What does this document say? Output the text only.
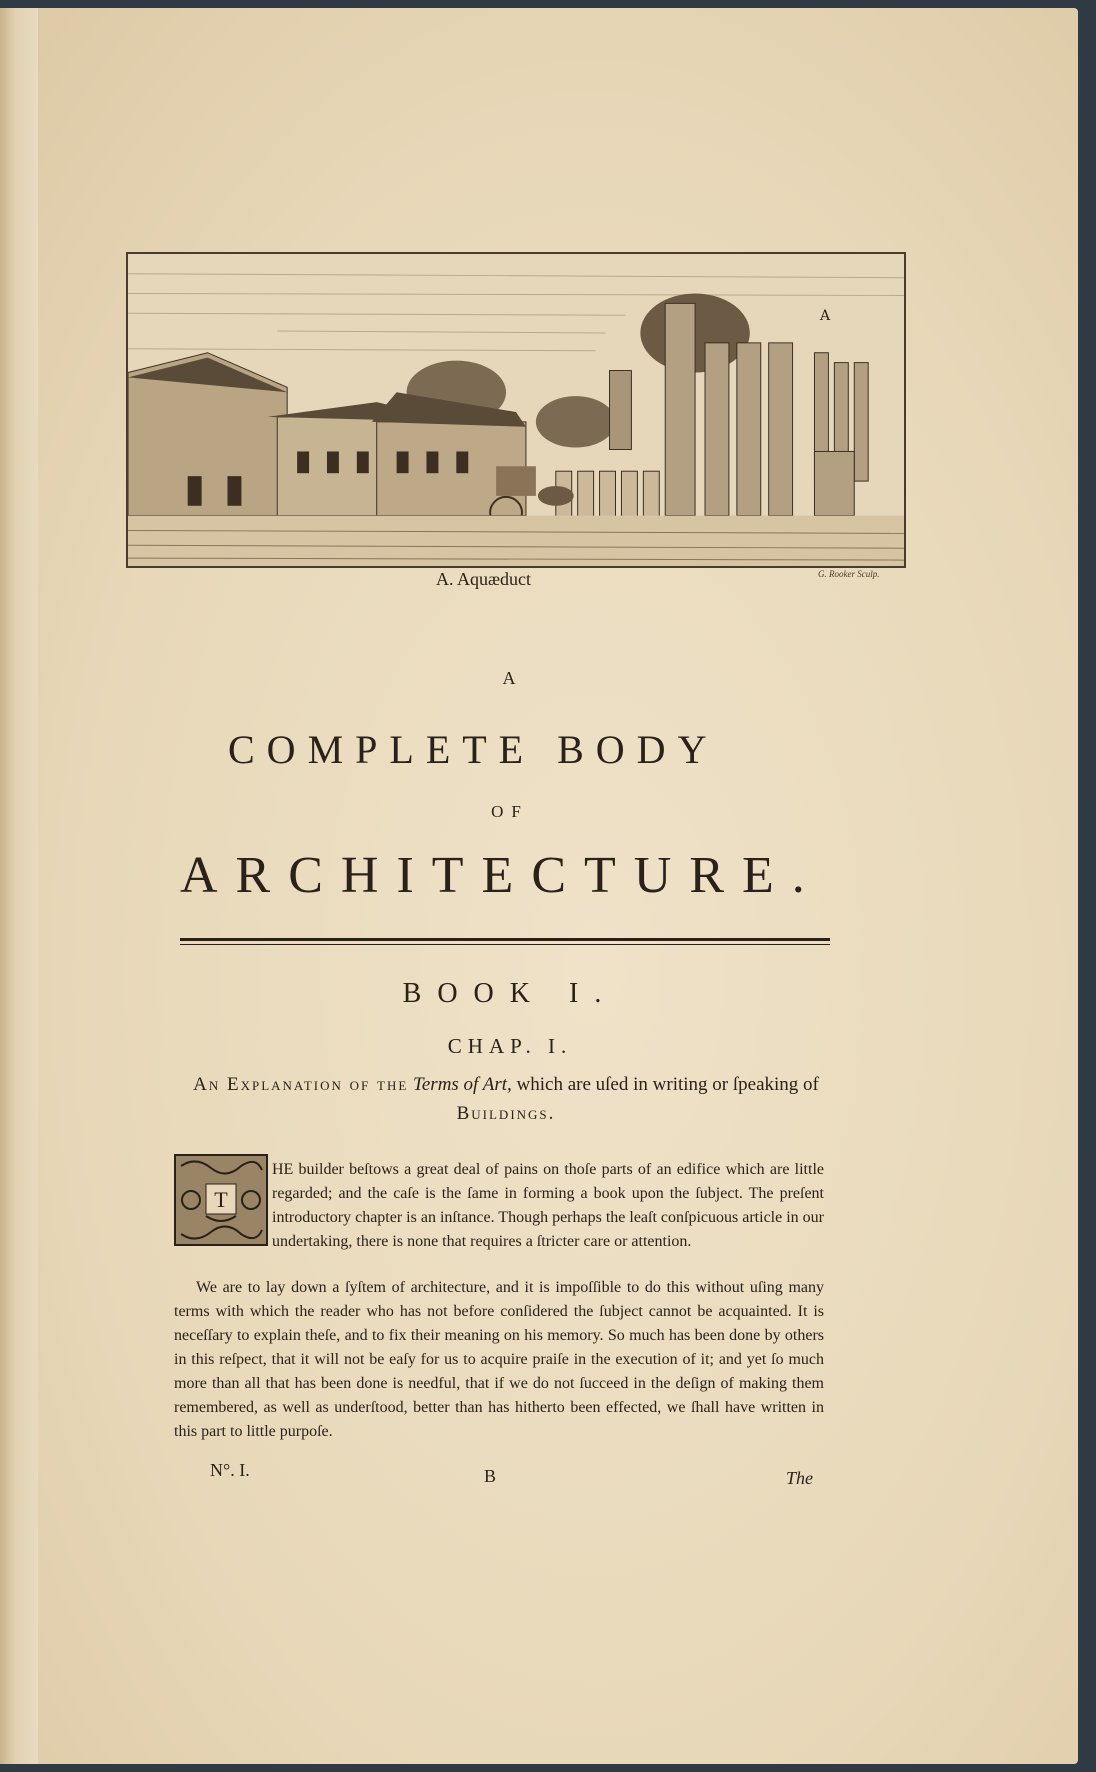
A
A. Aquæduct	G. Rooker Sculp.
A
COMPLETE BODY
OF
ARCHITECTURE.
BOOK I.
CHAP. I.
An Explanation of the Terms of Art, which are uſed in writing or ſpeaking of Buildings.
T
HE builder beſtows a great deal of pains on thoſe parts of an edifice which are little regarded; and the caſe is the ſame in forming a book upon the ſubject. The preſent introductory chapter is an inſtance. Though perhaps the leaſt conſpicuous article in our undertaking, there is none that requires a ſtricter care or attention.
We are to lay down a ſyſtem of architecture, and it is impoſſible to do this without uſing many terms with which the reader who has not before conſidered the ſubject cannot be acquainted. It is neceſſary to explain theſe, and to fix their meaning on his memory. So much has been done by others in this reſpect, that it will not be eaſy for us to acquire praiſe in the execution of it; and yet ſo much more than all that has been done is needful, that if we do not ſucceed in the deſign of making them remembered, as well as underſtood, better than has hitherto been effected, we ſhall have written in this part to little purpoſe.
N°. I.	B	The
